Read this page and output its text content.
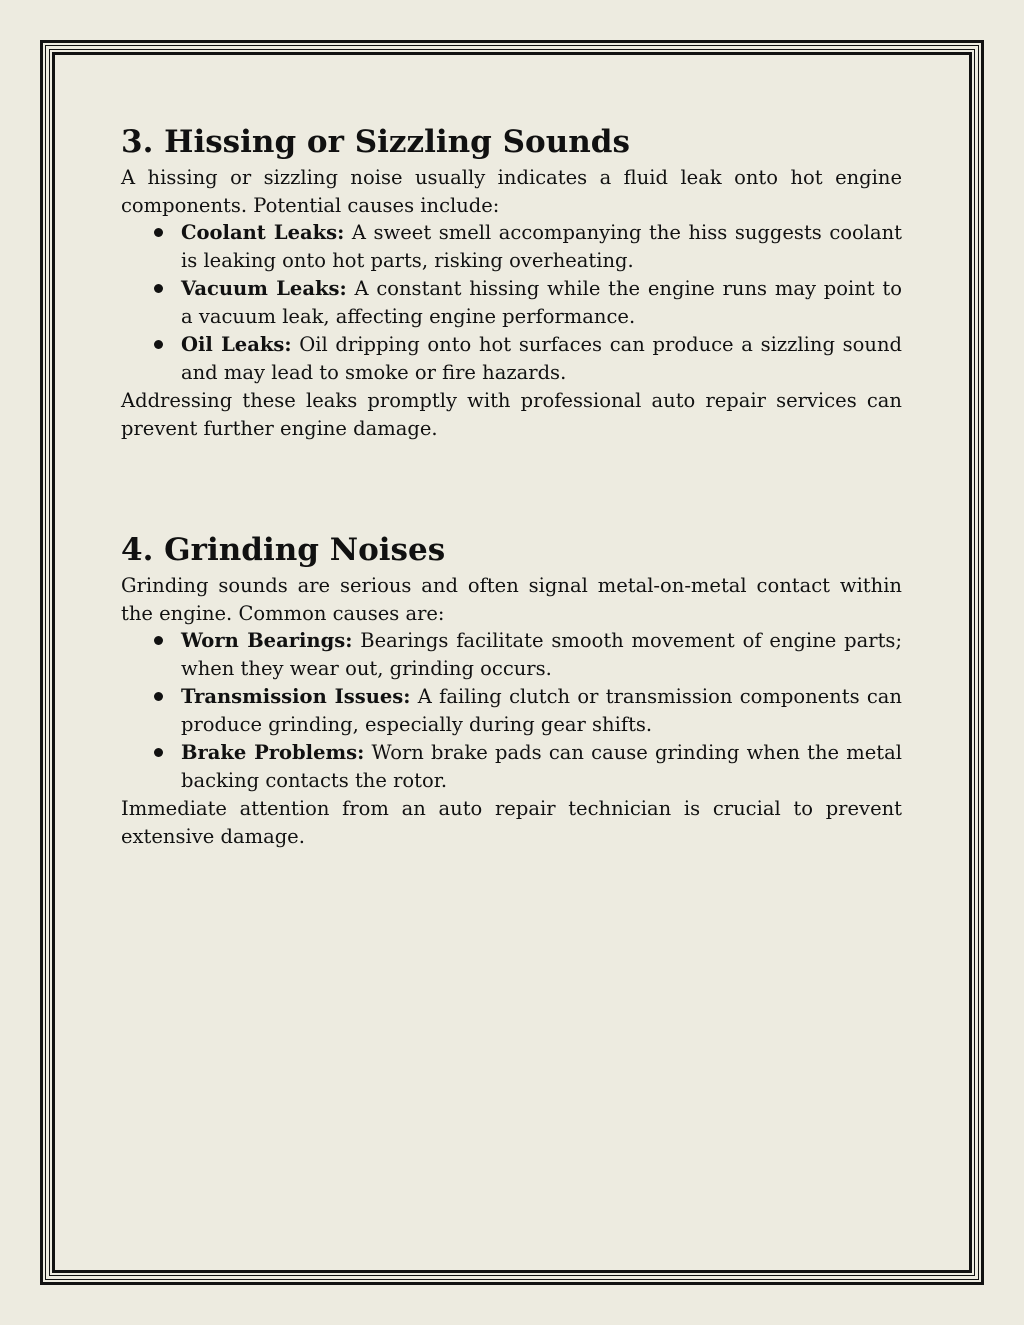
3. Hissing or Sizzling Sounds

A hissing or sizzling noise usually indicates a fluid leak onto hot engine components. Potential causes include:

Coolant Leaks: A sweet smell accompanying the hiss suggests coolant is leaking onto hot parts, risking overheating.
Vacuum Leaks: A constant hissing while the engine runs may point to a vacuum leak, affecting engine performance.
Oil Leaks: Oil dripping onto hot surfaces can produce a sizzling sound and may lead to smoke or fire hazards.

Addressing these leaks promptly with professional auto repair services can prevent further engine damage.

4. Grinding Noises

Grinding sounds are serious and often signal metal-on-metal contact within the engine. Common causes are:

Worn Bearings: Bearings facilitate smooth movement of engine parts; when they wear out, grinding occurs.
Transmission Issues: A failing clutch or transmission components can produce grinding, especially during gear shifts.
Brake Problems: Worn brake pads can cause grinding when the metal backing contacts the rotor.

Immediate attention from an auto repair technician is crucial to prevent extensive damage.
